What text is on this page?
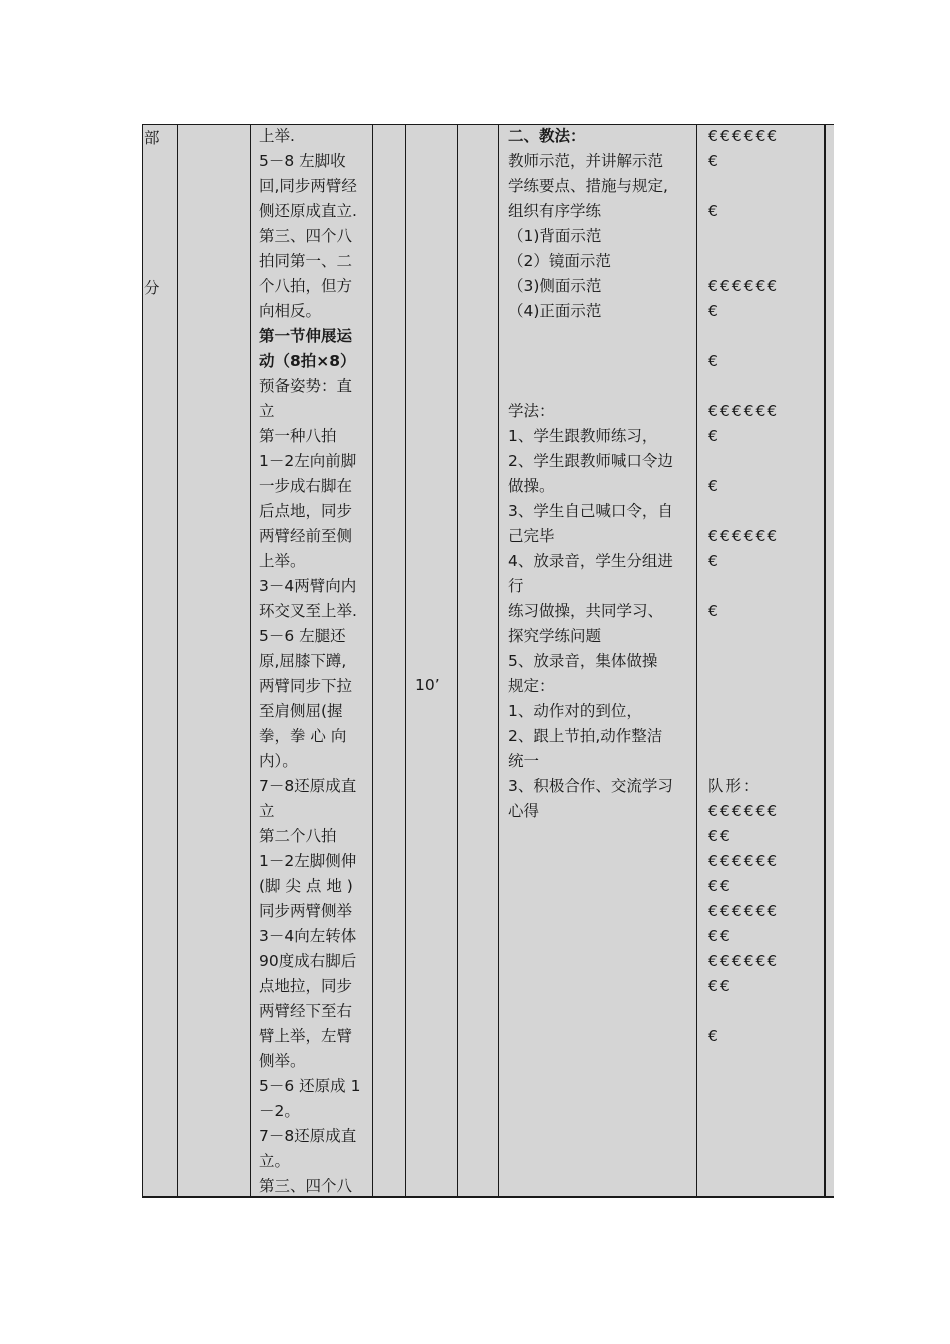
部
分
上举.
5－8 左脚收
回,同步两臂经
侧还原成直立.
第三、四个八
拍同第一、二
个八拍，但方
向相反。
第一节伸展运
动（8拍×8）
预备姿势：直
立
第一种八拍
1－2左向前脚
一步成右脚在
后点地，同步
两臂经前至侧
上举。
3－4两臂向内
环交叉至上举.
5－6 左腿还
原,屈膝下蹲,
两臂同步下拉
至肩侧屈(握
拳，拳 心 向
内）。
7－8还原成直
立
第二个八拍
1－2左脚侧伸
(脚 尖 点 地 )
同步两臂侧举
3－4向左转体
90度成右脚后
点地拉，同步
两臂经下至右
臂上举，左臂
侧举。
5－6 还原成 1
－2。
7－8还原成直
立。
第三、四个八
10’
二、教法：
教师示范，并讲解示范
学练要点、措施与规定,
组织有序学练
（1)背面示范
（2）镜面示范
（3)侧面示范
（4)正面示范
学法：
1、学生跟教师练习，
2、学生跟教师喊口令边
做操。
3、学生自己喊口令，自
己完毕
4、放录音，学生分组进
行
练习做操，共同学习、
探究学练问题
5、放录音，集体做操
规定：
1、动作对的到位，
2、跟上节拍,动作整洁
统一
3、积极合作、交流学习
心得
€€€€€€
€
€
€€€€€€
€
€
€€€€€€
€
€
€€€€€€
€
€
队形：
€€€€€€
€€
€€€€€€
€€
€€€€€€
€€
€€€€€€
€€
€
